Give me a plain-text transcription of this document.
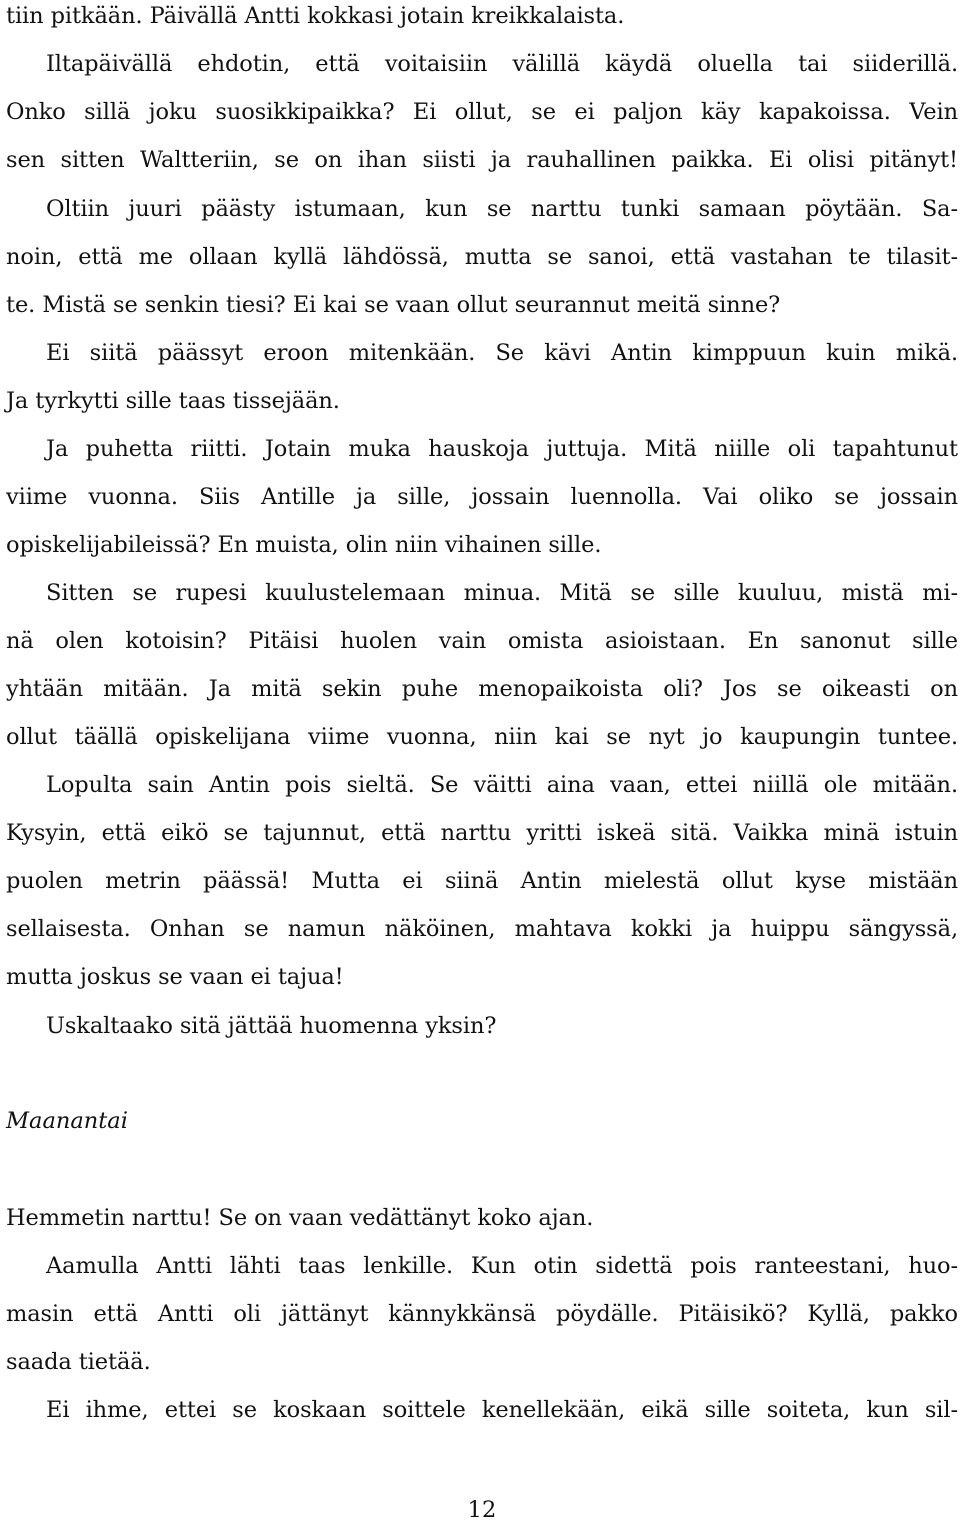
tiin pitkään. Päivällä Antti kokkasi jotain kreikkalaista.
Iltapäivällä ehdotin, että voitaisiin välillä käydä oluella tai siiderillä.
Onko sillä joku suosikkipaikka? Ei ollut, se ei paljon käy kapakoissa. Vein
sen sitten Waltteriin, se on ihan siisti ja rauhallinen paikka. Ei olisi pitänyt!
Oltiin juuri päästy istumaan, kun se narttu tunki samaan pöytään. Sa-
noin, että me ollaan kyllä lähdössä, mutta se sanoi, että vastahan te tilasit-
te. Mistä se senkin tiesi? Ei kai se vaan ollut seurannut meitä sinne?
Ei siitä päässyt eroon mitenkään. Se kävi Antin kimppuun kuin mikä.
Ja tyrkytti sille taas tissejään.
Ja puhetta riitti. Jotain muka hauskoja juttuja. Mitä niille oli tapahtunut
viime vuonna. Siis Antille ja sille, jossain luennolla. Vai oliko se jossain
opiskelijabileissä? En muista, olin niin vihainen sille.
Sitten se rupesi kuulustelemaan minua. Mitä se sille kuuluu, mistä mi-
nä olen kotoisin? Pitäisi huolen vain omista asioistaan. En sanonut sille
yhtään mitään. Ja mitä sekin puhe menopaikoista oli? Jos se oikeasti on
ollut täällä opiskelijana viime vuonna, niin kai se nyt jo kaupungin tuntee.
Lopulta sain Antin pois sieltä. Se väitti aina vaan, ettei niillä ole mitään.
Kysyin, että eikö se tajunnut, että narttu yritti iskeä sitä. Vaikka minä istuin
puolen metrin päässä! Mutta ei siinä Antin mielestä ollut kyse mistään
sellaisesta. Onhan se namun näköinen, mahtava kokki ja huippu sängyssä,
mutta joskus se vaan ei tajua!
Uskaltaako sitä jättää huomenna yksin?
Maanantai
Hemmetin narttu! Se on vaan vedättänyt koko ajan.
Aamulla Antti lähti taas lenkille. Kun otin sidettä pois ranteestani, huo-
masin että Antti oli jättänyt kännykkänsä pöydälle. Pitäisikö? Kyllä, pakko
saada tietää.
Ei ihme, ettei se koskaan soittele kenellekään, eikä sille soiteta, kun sil-
12
